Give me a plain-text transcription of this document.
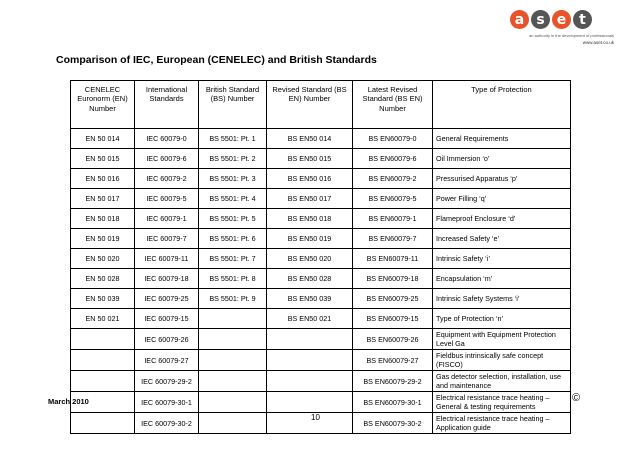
a s e t
an authority in the development of professionals
www.aset.co.uk
Comparison of IEC, European (CENELEC) and British Standards
CENELEC Euronorm (EN) Number	International Standards	British Standard (BS) Number	Revised Standard (BS EN) Number	Latest Revised Standard (BS EN) Number	Type of Protection
EN 50 014	IEC 60079-0	BS 5501: Pt. 1	BS EN50 014	BS EN60079-0	General Requirements
EN 50 015	IEC 60079-6	BS 5501: Pt. 2	BS EN50 015	BS EN60079-6	Oil Immersion ‘o’
EN 50 016	IEC 60079-2	BS 5501: Pt. 3	BS EN50 016	BS EN60079-2	Pressurised Apparatus ‘p’
EN 50 017	IEC 60079-5	BS 5501: Pt. 4	BS EN50 017	BS EN60079-5	Power Filling ‘q’
EN 50 018	IEC 60079-1	BS 5501: Pt. 5	BS EN50 018	BS EN60079-1	Flameproof Enclosure ‘d’
EN 50 019	IEC 60079-7	BS 5501: Pt. 6	BS EN50 019	BS EN60079-7	Increased Safety ‘e’
EN 50 020	IEC 60079-11	BS 5501: Pt. 7	BS EN50 020	BS EN60079-11	Intrinsic Safety ‘i’
EN 50 028	IEC 60079-18	BS 5501: Pt. 8	BS EN50 028	BS EN60079-18	Encapsulation ‘m’
EN 50 039	IEC 60079-25	BS 5501: Pt. 9	BS EN50 039	BS EN60079-25	Intrinsic Safety Systems ‘i’
EN 50 021	IEC 60079-15		BS EN50 021	BS EN60079-15	Type of Protection ‘n’
	IEC 60079-26			BS EN60079-26	Equipment with Equipment Protection Level Ga
	IEC 60079-27			BS EN60079-27	Fieldbus intrinsically safe concept (FISCO)
	IEC 60079-29-2			BS EN60079-29-2	Gas detector selection, installation, use and maintenance
	IEC 60079-30-1			BS EN60079-30-1	Electrical resistance trace heating – General & testing requirements
	IEC 60079-30-2			BS EN60079-30-2	Electrical resistance trace heating – Application guide
March 2010	©
10
